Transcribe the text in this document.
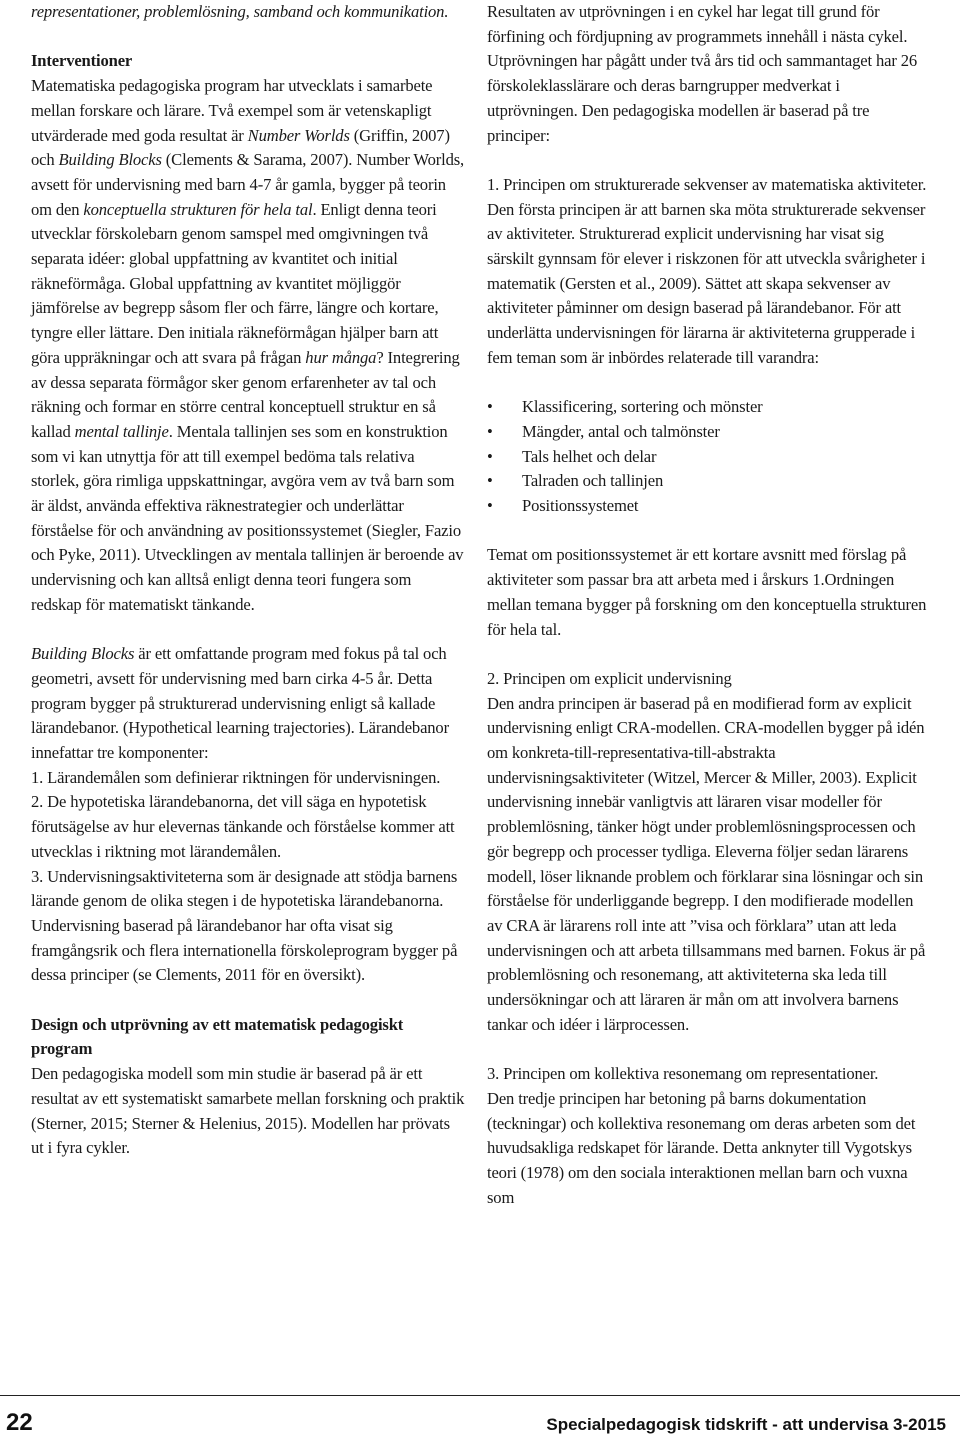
representationer, problemlösning, samband och kommunikation.

Interventioner

Matematiska pedagogiska program har utvecklats i samarbete mellan forskare och lärare. Två exempel som är vetenskapligt utvärderade med goda resultat är Number Worlds (Griffin, 2007) och Building Blocks (Clements & Sarama, 2007). Number Worlds, avsett för undervisning med barn 4-7 år gamla, bygger på teorin om den konceptuella strukturen för hela tal. Enligt denna teori utvecklar förskolebarn genom samspel med omgivningen två separata idéer: global uppfattning av kvantitet och initial räkneförmåga. Global uppfattning av kvantitet möjliggör jämförelse av begrepp såsom fler och färre, längre och kortare, tyngre eller lättare. Den initiala räkneförmågan hjälper barn att göra uppräkningar och att svara på frågan hur många? Integrering av dessa separata förmågor sker genom erfarenheter av tal och räkning och formar en större central konceptuell struktur en så kallad mental tallinje. Mentala tallinjen ses som en konstruktion som vi kan utnyttja för att till exempel bedöma tals relativa storlek, göra rimliga uppskattningar, avgöra vem av två barn som är äldst, använda effektiva räknestrategier och underlättar förståelse för och användning av positionssystemet (Siegler, Fazio och Pyke, 2011). Utvecklingen av mentala tallinjen är beroende av undervisning och kan alltså enligt denna teori fungera som redskap för matematiskt tänkande.

Building Blocks är ett omfattande program med fokus på tal och geometri, avsett för undervisning med barn cirka 4-5 år. Detta program bygger på strukturerad undervisning enligt så kallade lärandebanor. (Hypothetical learning trajectories). Lärandebanor innefattar tre komponenter:

1. Lärandemålen som definierar riktningen för undervisningen.

2. De hypotetiska lärandebanorna, det vill säga en hypotetisk förutsägelse av hur elevernas tänkande och förståelse kommer att utvecklas i riktning mot lärandemålen.

3. Undervisningsaktiviteterna som är designade att stödja barnens lärande genom de olika stegen i de hypotetiska lärandebanorna. Undervisning baserad på lärandebanor har ofta visat sig framgångsrik och flera internationella förskoleprogram bygger på dessa principer (se Clements, 2011 för en översikt).

Design och utprövning av ett matematisk pedagogiskt program

Den pedagogiska modell som min studie är baserad på är ett resultat av ett systematiskt samarbete mellan forskning och praktik (Sterner, 2015; Sterner & Helenius, 2015). Modellen har prövats ut i fyra cykler.

Resultaten av utprövningen i en cykel har legat till grund för förfining och fördjupning av programmets innehåll i nästa cykel. Utprövningen har pågått under två års tid och sammantaget har 26 förskoleklasslärare och deras barngrupper medverkat i utprövningen. Den pedagogiska modellen är baserad på tre principer:

1. Principen om strukturerade sekvenser av matematiska aktiviteter.

Den första principen är att barnen ska möta strukturerade sekvenser av aktiviteter. Strukturerad explicit undervisning har visat sig särskilt gynnsam för elever i riskzonen för att utveckla svårigheter i matematik (Gersten et al., 2009). Sättet att skapa sekvenser av aktiviteter påminner om design baserad på lärandebanor. För att underlätta undervisningen för lärarna är aktiviteterna grupperade i fem teman som är inbördes relaterade till varandra:

• Klassificering, sortering och mönster
• Mängder, antal och talmönster
• Tals helhet och delar
• Talraden och tallinjen
• Positionssystemet

Temat om positionssystemet är ett kortare avsnitt med förslag på aktiviteter som passar bra att arbeta med i årskurs 1.Ordningen mellan temana bygger på forskning om den konceptuella strukturen för hela tal.

2. Principen om explicit undervisning

Den andra principen är baserad på en modifierad form av explicit undervisning enligt CRA-modellen. CRA-modellen bygger på idén om konkreta-till-representativa-till-abstrakta undervisningsaktiviteter (Witzel, Mercer & Miller, 2003). Explicit undervisning innebär vanligtvis att läraren visar modeller för problemlösning, tänker högt under problemlösningsprocessen och gör begrepp och processer tydliga. Eleverna följer sedan lärarens modell, löser liknande problem och förklarar sina lösningar och sin förståelse för underliggande begrepp. I den modifierade modellen av CRA är lärarens roll inte att ”visa och förklara” utan att leda undervisningen och att arbeta tillsammans med barnen. Fokus är på problemlösning och resonemang, att aktiviteterna ska leda till undersökningar och att läraren är mån om att involvera barnens tankar och idéer i lärprocessen.

3. Principen om kollektiva resonemang om representationer.

Den tredje principen har betoning på barns dokumentation (teckningar) och kollektiva resonemang om deras arbeten som det huvudsakliga redskapet för lärande. Detta anknyter till Vygotskys teori (1978) om den sociala interaktionen mellan barn och vuxna som

22	Specialpedagogisk tidskrift - att undervisa 3-2015
